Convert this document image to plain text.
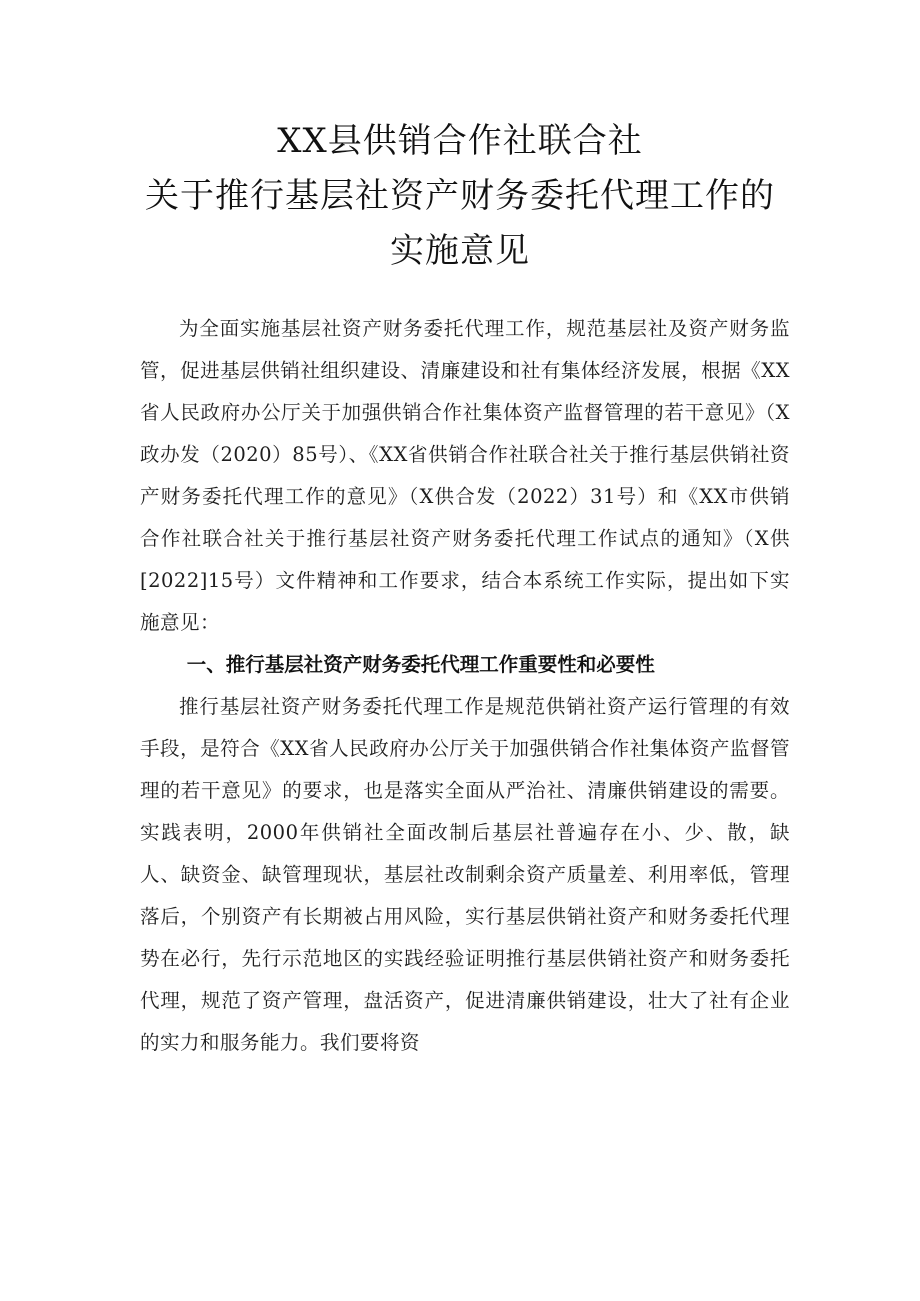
XX县供销合作社联合社
关于推行基层社资产财务委托代理工作的
实施意见

为全面实施基层社资产财务委托代理工作，规范基层社及资产财务监管，促进基层供销社组织建设、清廉建设和社有集体经济发展，根据《XX省人民政府办公厅关于加强供销合作社集体资产监督管理的若干意见》（X政办发（2020）85号）、《XX省供销合作社联合社关于推行基层供销社资产财务委托代理工作的意见》（X供合发（2022）31号）和《XX市供销合作社联合社关于推行基层社资产财务委托代理工作试点的通知》（X供[2022]15号）文件精神和工作要求，结合本系统工作实际，提出如下实施意见：

一、推行基层社资产财务委托代理工作重要性和必要性

推行基层社资产财务委托代理工作是规范供销社资产运行管理的有效手段，是符合《XX省人民政府办公厅关于加强供销合作社集体资产监督管理的若干意见》的要求，也是落实全面从严治社、清廉供销建设的需要。实践表明，2000年供销社全面改制后基层社普遍存在小、少、散，缺人、缺资金、缺管理现状，基层社改制剩余资产质量差、利用率低，管理落后，个别资产有长期被占用风险，实行基层供销社资产和财务委托代理势在必行，先行示范地区的实践经验证明推行基层供销社资产和财务委托代理，规范了资产管理，盘活资产，促进清廉供销建设，壮大了社有企业的实力和服务能力。我们要将资
